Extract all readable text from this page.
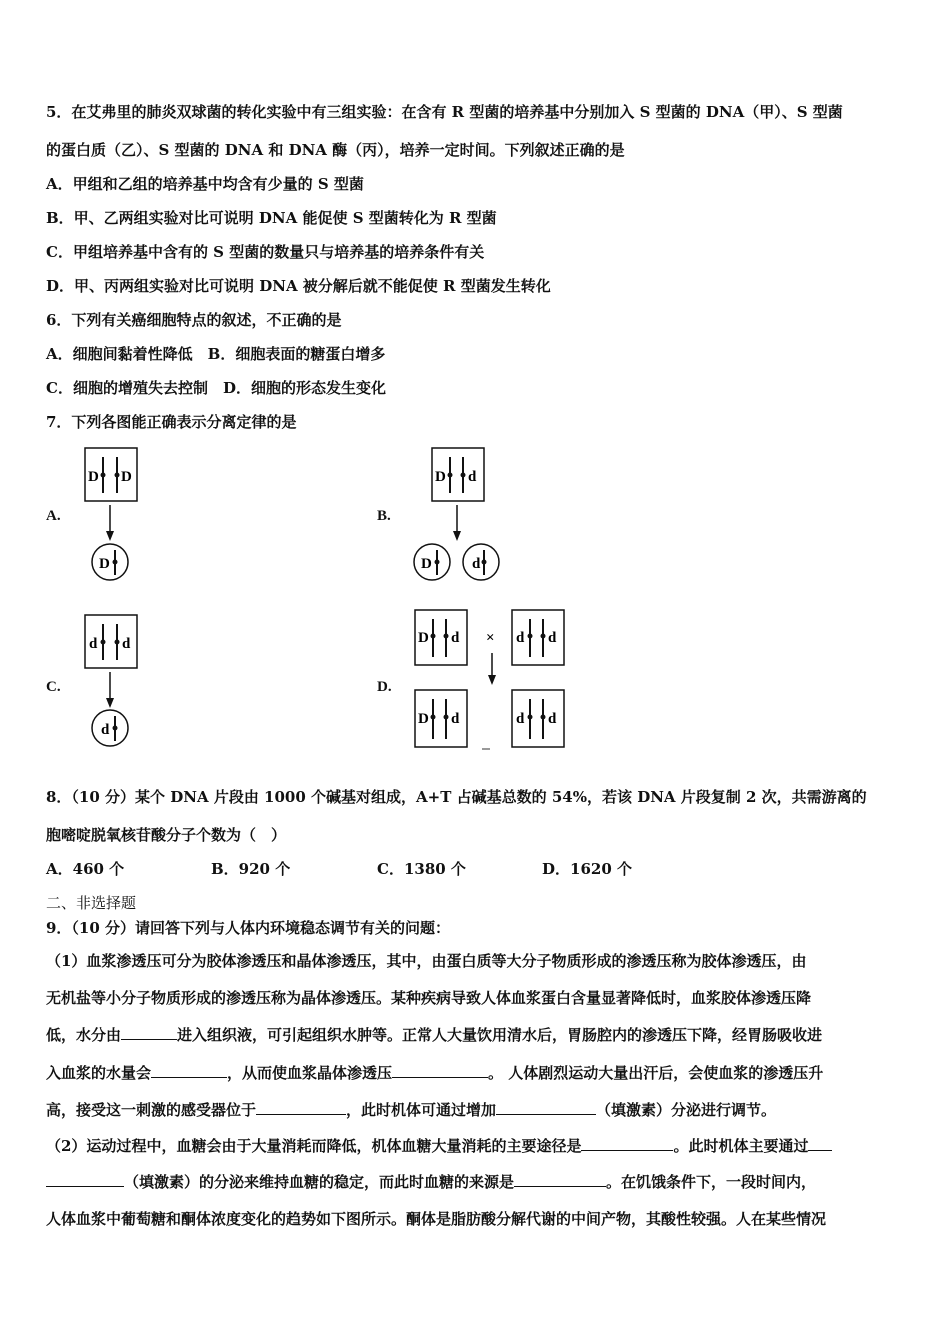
5．在艾弗里的肺炎双球菌的转化实验中有三组实验：在含有 R 型菌的培养基中分别加入 S 型菌的 DNA（甲）、S 型菌
的蛋白质（乙）、S 型菌的 DNA 和 DNA 酶（丙），培养一定时间。下列叙述正确的是
A．甲组和乙组的培养基中均含有少量的 S 型菌
B．甲、乙两组实验对比可说明 DNA 能促使 S 型菌转化为 R 型菌
C．甲组培养基中含有的 S 型菌的数量只与培养基的培养条件有关
D．甲、丙两组实验对比可说明 DNA 被分解后就不能促使 R 型菌发生转化
6．下列有关癌细胞特点的叙述，不正确的是
A．细胞间黏着性降低　B．细胞表面的糖蛋白增多
C．细胞的增殖失去控制　D．细胞的形态发生变化
7．下列各图能正确表示分离定律的是
A.	B.
C.	D.
D D
D
D d
D	d
d d
d
D d × d d
D d	d d
8．（10 分）某个 DNA 片段由 1000 个碱基对组成，A+T 占碱基总数的 54%，若该 DNA 片段复制 2 次，共需游离的
胞嘧啶脱氧核苷酸分子个数为（　）
A．460 个	B．920 个	C．1380 个	D．1620 个
二、非选择题
9．（10 分）请回答下列与人体内环境稳态调节有关的问题：
（1）血浆渗透压可分为胶体渗透压和晶体渗透压，其中，由蛋白质等大分子物质形成的渗透压称为胶体渗透压，由
无机盐等小分子物质形成的渗透压称为晶体渗透压。某种疾病导致人体血浆蛋白含量显著降低时，血浆胶体渗透压降
低，水分由	进入组织液，可引起组织水肿等。正常人大量饮用清水后，胃肠腔内的渗透压下降，经胃肠吸收进
入血浆的水量会	，从而使血浆晶体渗透压	。 人体剧烈运动大量出汗后，会使血浆的渗透压升
高，接受这一刺激的感受器位于	，此时机体可通过增加	（填激素）分泌进行调节。
（2）运动过程中，血糖会由于大量消耗而降低，机体血糖大量消耗的主要途径是	。此时机体主要通过
（填激素）的分泌来维持血糖的稳定，而此时血糖的来源是	。在饥饿条件下，一段时间内，
人体血浆中葡萄糖和酮体浓度变化的趋势如下图所示。酮体是脂肪酸分解代谢的中间产物，其酸性较强。人在某些情况
